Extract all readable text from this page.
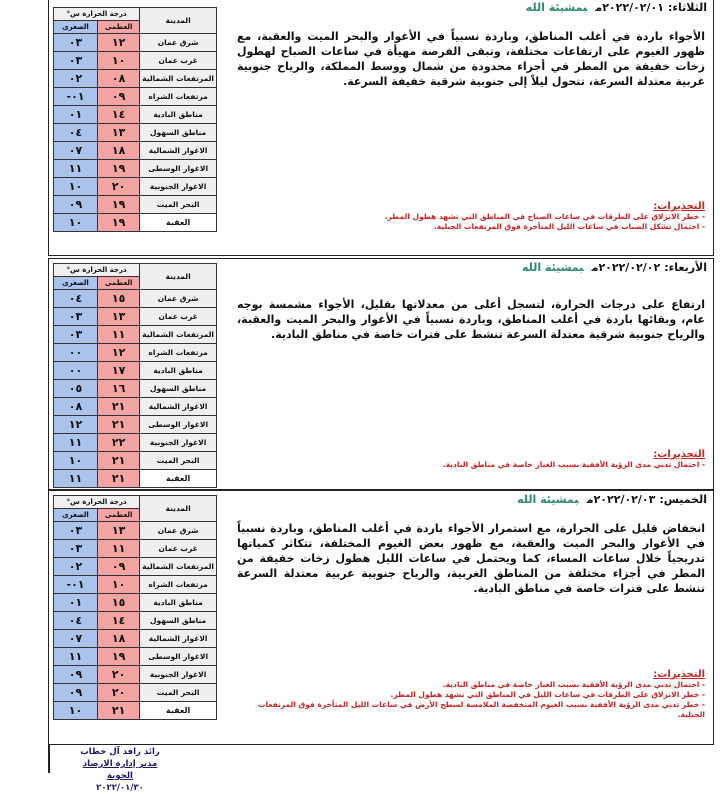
المدينة	درجة الحرارة س°	
	العظمى	الصغرى
شرق عمان	١٢	٠٣
غرب عمان	١٠	٠٣
المرتفعات الشمالية	٠٨	٠٢
مرتفعات الشراه	٠٩	٠١-
مناطق البادية	١٤	٠١
مناطق السهول	١٣	٠٤
الاغوار الشمالية	١٨	٠٧
الاغوار الوسطى	١٩	١١
الاغوار الجنوبية	٢٠	١٠
البحر الميت	١٩	٠٩
العقبة	١٩	١٠
الثلاثاء:٢٠٢٢/٠٢/٠١مبمشيئة الله
الأجواء باردة في أغلب المناطق، وباردة نسبياً في الأغوار والبحر الميت والعقبة، مع ظهور الغيوم على ارتفاعات مختلفة، وتبقى الفرصة مهيأة في ساعات الصباح لهطول زخات خفيفة من المطر في أجزاء محدودة من شمال ووسط المملكة، والرياح جنوبية غربية معتدلة السرعة، تتحول ليلاً إلى جنوبية شرقية خفيفة السرعة.
التحذيرات:
- خطر الانزلاق على الطرقات في ساعات الصباح في المناطق التي تشهد هطول المطر.
- احتمال تشكل الضباب في ساعات الليل المتأخرة فوق المرتفعات الجبلية.
المدينة	درجة الحرارة س°	
	العظمى	الصغرى
شرق عمان	١٥	٠٤
غرب عمان	١٣	٠٣
المرتفعات الشمالية	١١	٠٣
مرتفعات الشراه	١٢	٠٠
مناطق البادية	١٧	٠٠
مناطق السهول	١٦	٠٥
الاغوار الشمالية	٢١	٠٨
الاغوار الوسطى	٢١	١٢
الاغوار الجنوبية	٢٢	١١
البحر الميت	٢١	١٠
العقبة	٢١	١١
الأربعاء:٢٠٢٢/٠٢/٠٢مبمشيئة الله
ارتفاع على درجات الحرارة، لتسجل أعلى من معدلاتها بقليل، الأجواء مشمسة بوجه عام، وبقائها باردة في أغلب المناطق، وباردة نسبياً في الأغوار والبحر الميت والعقبة، والرياح جنوبية شرقية معتدلة السرعة تنشط على فترات خاصة في مناطق البادية.
التحذيرات:
- احتمال تدني مدى الرؤية الأفقية بسبب الغبار خاصة في مناطق البادية.
المدينة	درجة الحرارة س°	
	العظمى	الصغرى
شرق عمان	١٣	٠٣
غرب عمان	١١	٠٣
المرتفعات الشمالية	٠٩	٠٢
مرتفعات الشراه	١٠	٠١-
مناطق البادية	١٥	٠١
مناطق السهول	١٤	٠٤
الاغوار الشمالية	١٨	٠٧
الاغوار الوسطى	١٩	١١
الاغوار الجنوبية	٢٠	٠٩
البحر الميت	٢٠	٠٩
العقبة	٢١	١٠
الخميس:٢٠٢٢/٠٢/٠٣مبمشيئة الله
انخفاض قليل على الحرارة، مع استمرار الأجواء باردة في أغلب المناطق، وباردة نسبياً في الأغوار والبحر الميت والعقبة، مع ظهور بعض الغيوم المختلفة، تتكاثر كمياتها تدريجياً خلال ساعات المساء، كما ويحتمل في ساعات الليل هطول زخات خفيفة من المطر في أجزاء مختلفة من المناطق الغربية، والرياح جنوبية غربية معتدلة السرعة تنشط على فترات خاصة في مناطق البادية.
التحذيرات:
- احتمال تدني مدى الرؤية الأفقية بسبب الغبار خاصة في مناطق البادية.
- خطر الانزلاق على الطرقات في ساعات الليل في المناطق التي تشهد هطول المطر.
- خطر تدني مدى الرؤية الأفقية بسبب الغيوم المنخفضة الملامسة لسطح الأرض في ساعات الليل المتأخرة فوق المرتفعات الجبلية.
رائد رافد آل خطاب
مدير إدارة الارصاد الجوية
٢٠٢٢/٠١/٣٠
